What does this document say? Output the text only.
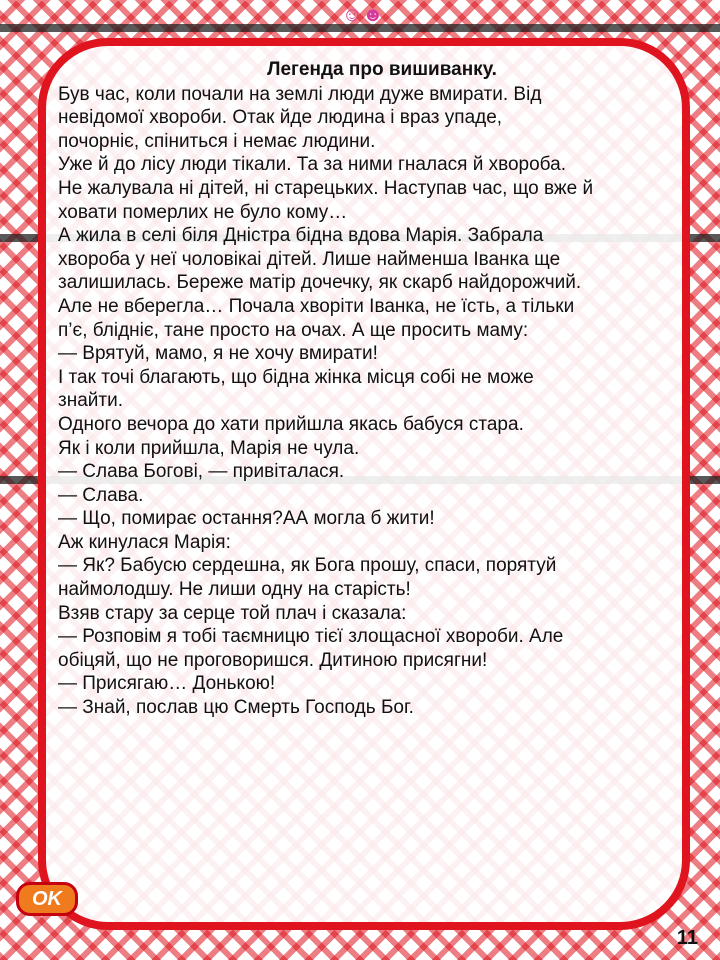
☺☻

Легенда про вишиванку.

Був час, коли почали на землі люди дуже вмирати. Від

невідомої хвороби. Отак йде людина і враз упаде,

почорніє, спіниться і немає людини.

Уже й до лісу люди тікали. Та за ними гналася й хвороба.

Не жалувала ні дітей, ні старецьких. Наступав час, що вже й

ховати померлих не було кому…

А жила в селі біля Дністра бідна вдова Марія. Забрала

хвороба у неї чоловікаі дітей. Лише найменша Іванка ще

залишилась. Береже матір дочечку, як скарб найдорожчий.

Але не вберегла… Почала хворіти Іванка, не їсть, а тільки

п’є, блідніє, тане просто на очах. А ще просить маму:

— Врятуй, мамо, я не хочу вмирати!

І так точі благають, що бідна жінка місця собі не може

знайти.

Одного вечора до хати прийшла якась бабуся стара.

Як і коли прийшла, Марія не чула.

— Слава Богові, — привіталася.

— Слава.

— Що, помирає остання?АА могла б жити!

Аж кинулася Марія:

— Як? Бабусю сердешна, як Бога прошу, спаси, порятуй

наймолодшу. Не лиши одну на старість!

Взяв стару за серце той плач і сказала:

— Розповім я тобі таємницю тієї злощасної хвороби. Але

обіцяй, що не проговоришся. Дитиною присягни!

— Присягаю… Донькою!

— Знай, послав цю Смерть Господь Бог.

OK
11
